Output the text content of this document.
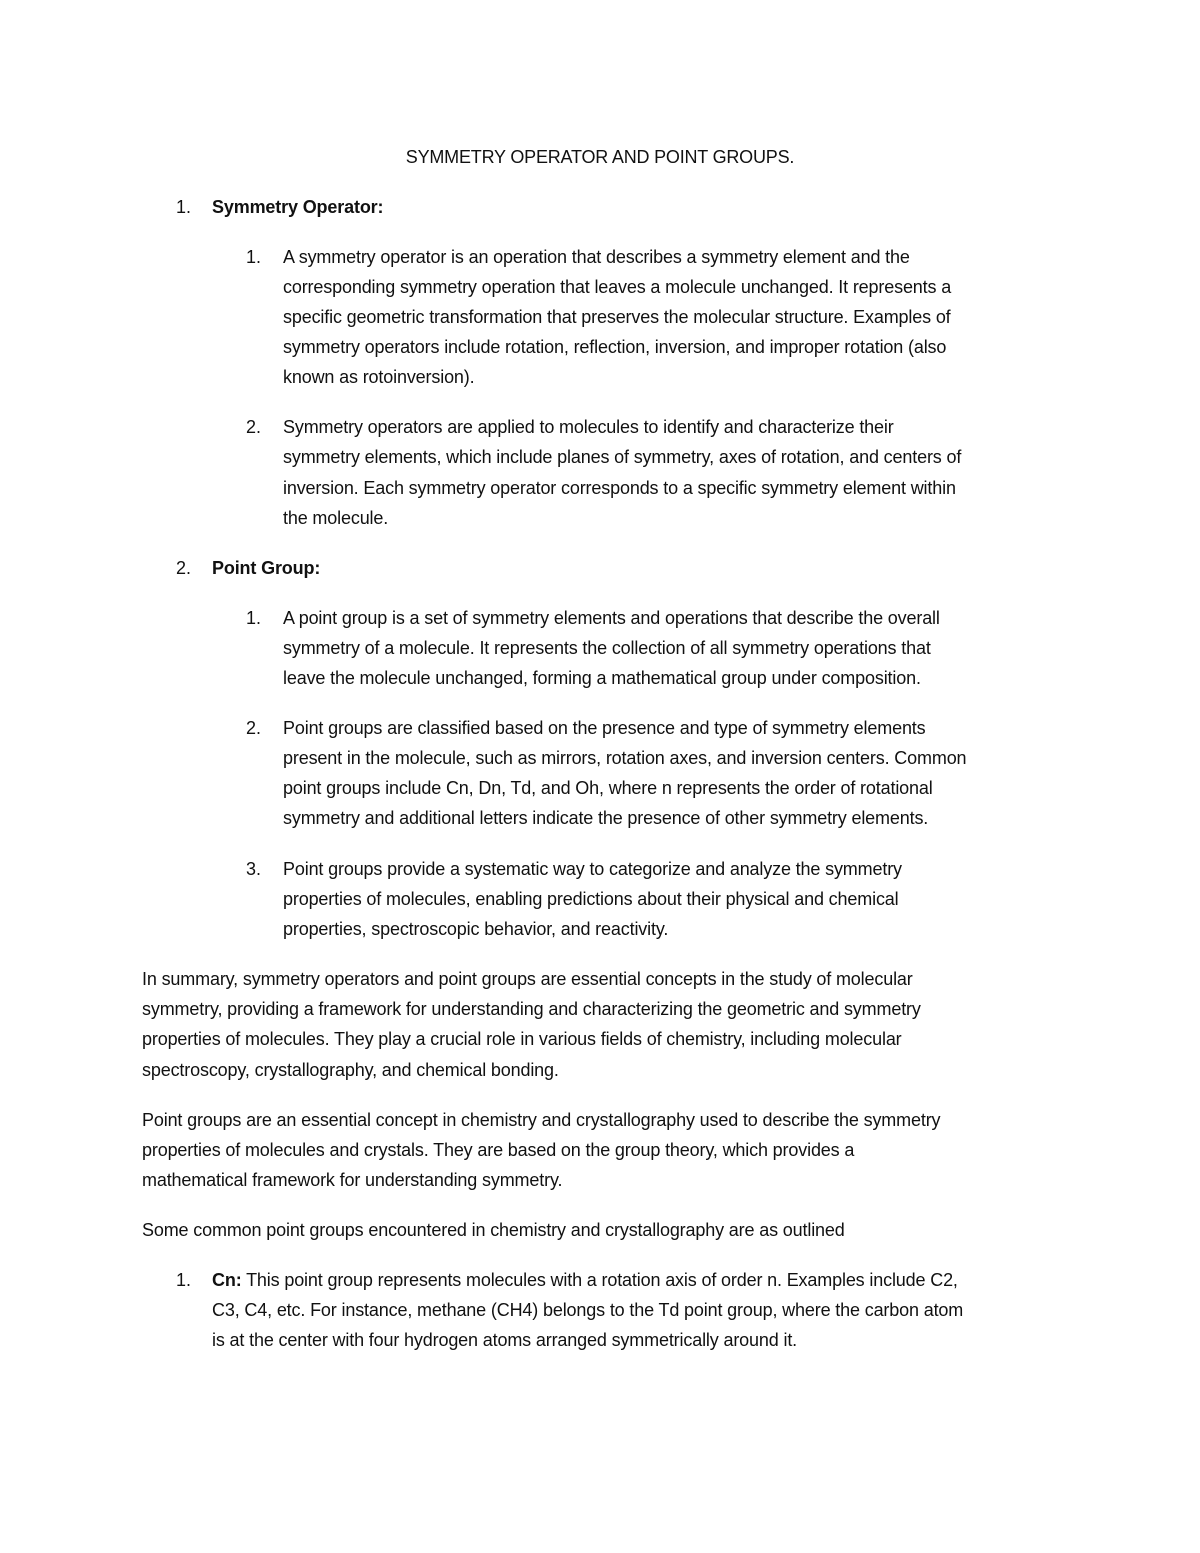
SYMMETRY OPERATOR AND POINT GROUPS.
1. Symmetry Operator:
1. A symmetry operator is an operation that describes a symmetry element and the
corresponding symmetry operation that leaves a molecule unchanged. It represents a
specific geometric transformation that preserves the molecular structure. Examples of
symmetry operators include rotation, reflection, inversion, and improper rotation (also
known as rotoinversion).
2. Symmetry operators are applied to molecules to identify and characterize their
symmetry elements, which include planes of symmetry, axes of rotation, and centers of
inversion. Each symmetry operator corresponds to a specific symmetry element within
the molecule.
2. Point Group:
1. A point group is a set of symmetry elements and operations that describe the overall
symmetry of a molecule. It represents the collection of all symmetry operations that
leave the molecule unchanged, forming a mathematical group under composition.
2. Point groups are classified based on the presence and type of symmetry elements
present in the molecule, such as mirrors, rotation axes, and inversion centers. Common
point groups include Cn, Dn, Td, and Oh, where n represents the order of rotational
symmetry and additional letters indicate the presence of other symmetry elements.
3. Point groups provide a systematic way to categorize and analyze the symmetry
properties of molecules, enabling predictions about their physical and chemical
properties, spectroscopic behavior, and reactivity.
In summary, symmetry operators and point groups are essential concepts in the study of molecular
symmetry, providing a framework for understanding and characterizing the geometric and symmetry
properties of molecules. They play a crucial role in various fields of chemistry, including molecular
spectroscopy, crystallography, and chemical bonding.
Point groups are an essential concept in chemistry and crystallography used to describe the symmetry
properties of molecules and crystals. They are based on the group theory, which provides a
mathematical framework for understanding symmetry.
Some common point groups encountered in chemistry and crystallography are as outlined
1. Cn: This point group represents molecules with a rotation axis of order n. Examples include C2,
C3, C4, etc. For instance, methane (CH4) belongs to the Td point group, where the carbon atom
is at the center with four hydrogen atoms arranged symmetrically around it.
